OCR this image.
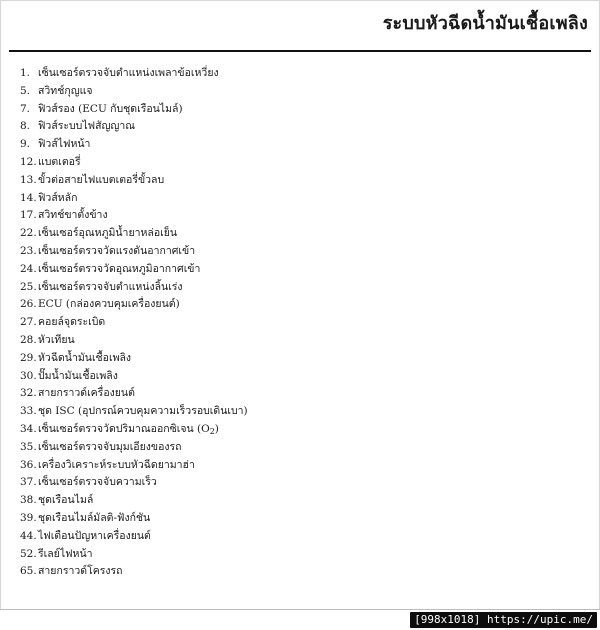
ระบบหัวฉีดน้ำมันเชื้อเพลิง
1. เซ็นเซอร์ตรวจจับตำแหน่งเพลาข้อเหวี่ยง
5. สวิทช์กุญแจ
7. ฟิวส์รอง (ECU กับชุดเรือนไมล์)
8. ฟิวส์ระบบไฟสัญญาณ
9. ฟิวส์ไฟหน้า
12. แบตเตอรี่
13. ขั้วต่อสายไฟแบตเตอรี่ขั้วลบ
14. ฟิวส์หลัก
17. สวิทช์ขาตั้งข้าง
22. เซ็นเซอร์อุณหภูมิน้ำยาหล่อเย็น
23. เซ็นเซอร์ตรวจวัดแรงดันอากาศเข้า
24. เซ็นเซอร์ตรวจวัดอุณหภูมิอากาศเข้า
25. เซ็นเซอร์ตรวจจับตำแหน่งลิ้นเร่ง
26. ECU (กล่องควบคุมเครื่องยนต์)
27. คอยล์จุดระเบิด
28. หัวเทียน
29. หัวฉีดน้ำมันเชื้อเพลิง
30. ปั๊มน้ำมันเชื้อเพลิง
32. สายกราวด์เครื่องยนต์
33. ชุด ISC (อุปกรณ์ควบคุมความเร็วรอบเดินเบา)
34. เซ็นเซอร์ตรวจวัดปริมาณออกซิเจน $(O_2)$
35. เซ็นเซอร์ตรวจจับมุมเอียงของรถ
36. เครื่องวิเคราะห์ระบบหัวฉีดยามาฮ่า
37. เซ็นเซอร์ตรวจจับความเร็ว
38. ชุดเรือนไมล์
39. ชุดเรือนไมล์มัลติ-ฟังก์ชัน
44. ไฟเตือนปัญหาเครื่องยนต์
52. รีเลย์ไฟหน้า
65. สายกราวด์โครงรถ
[998x1018] https://upic.me/
